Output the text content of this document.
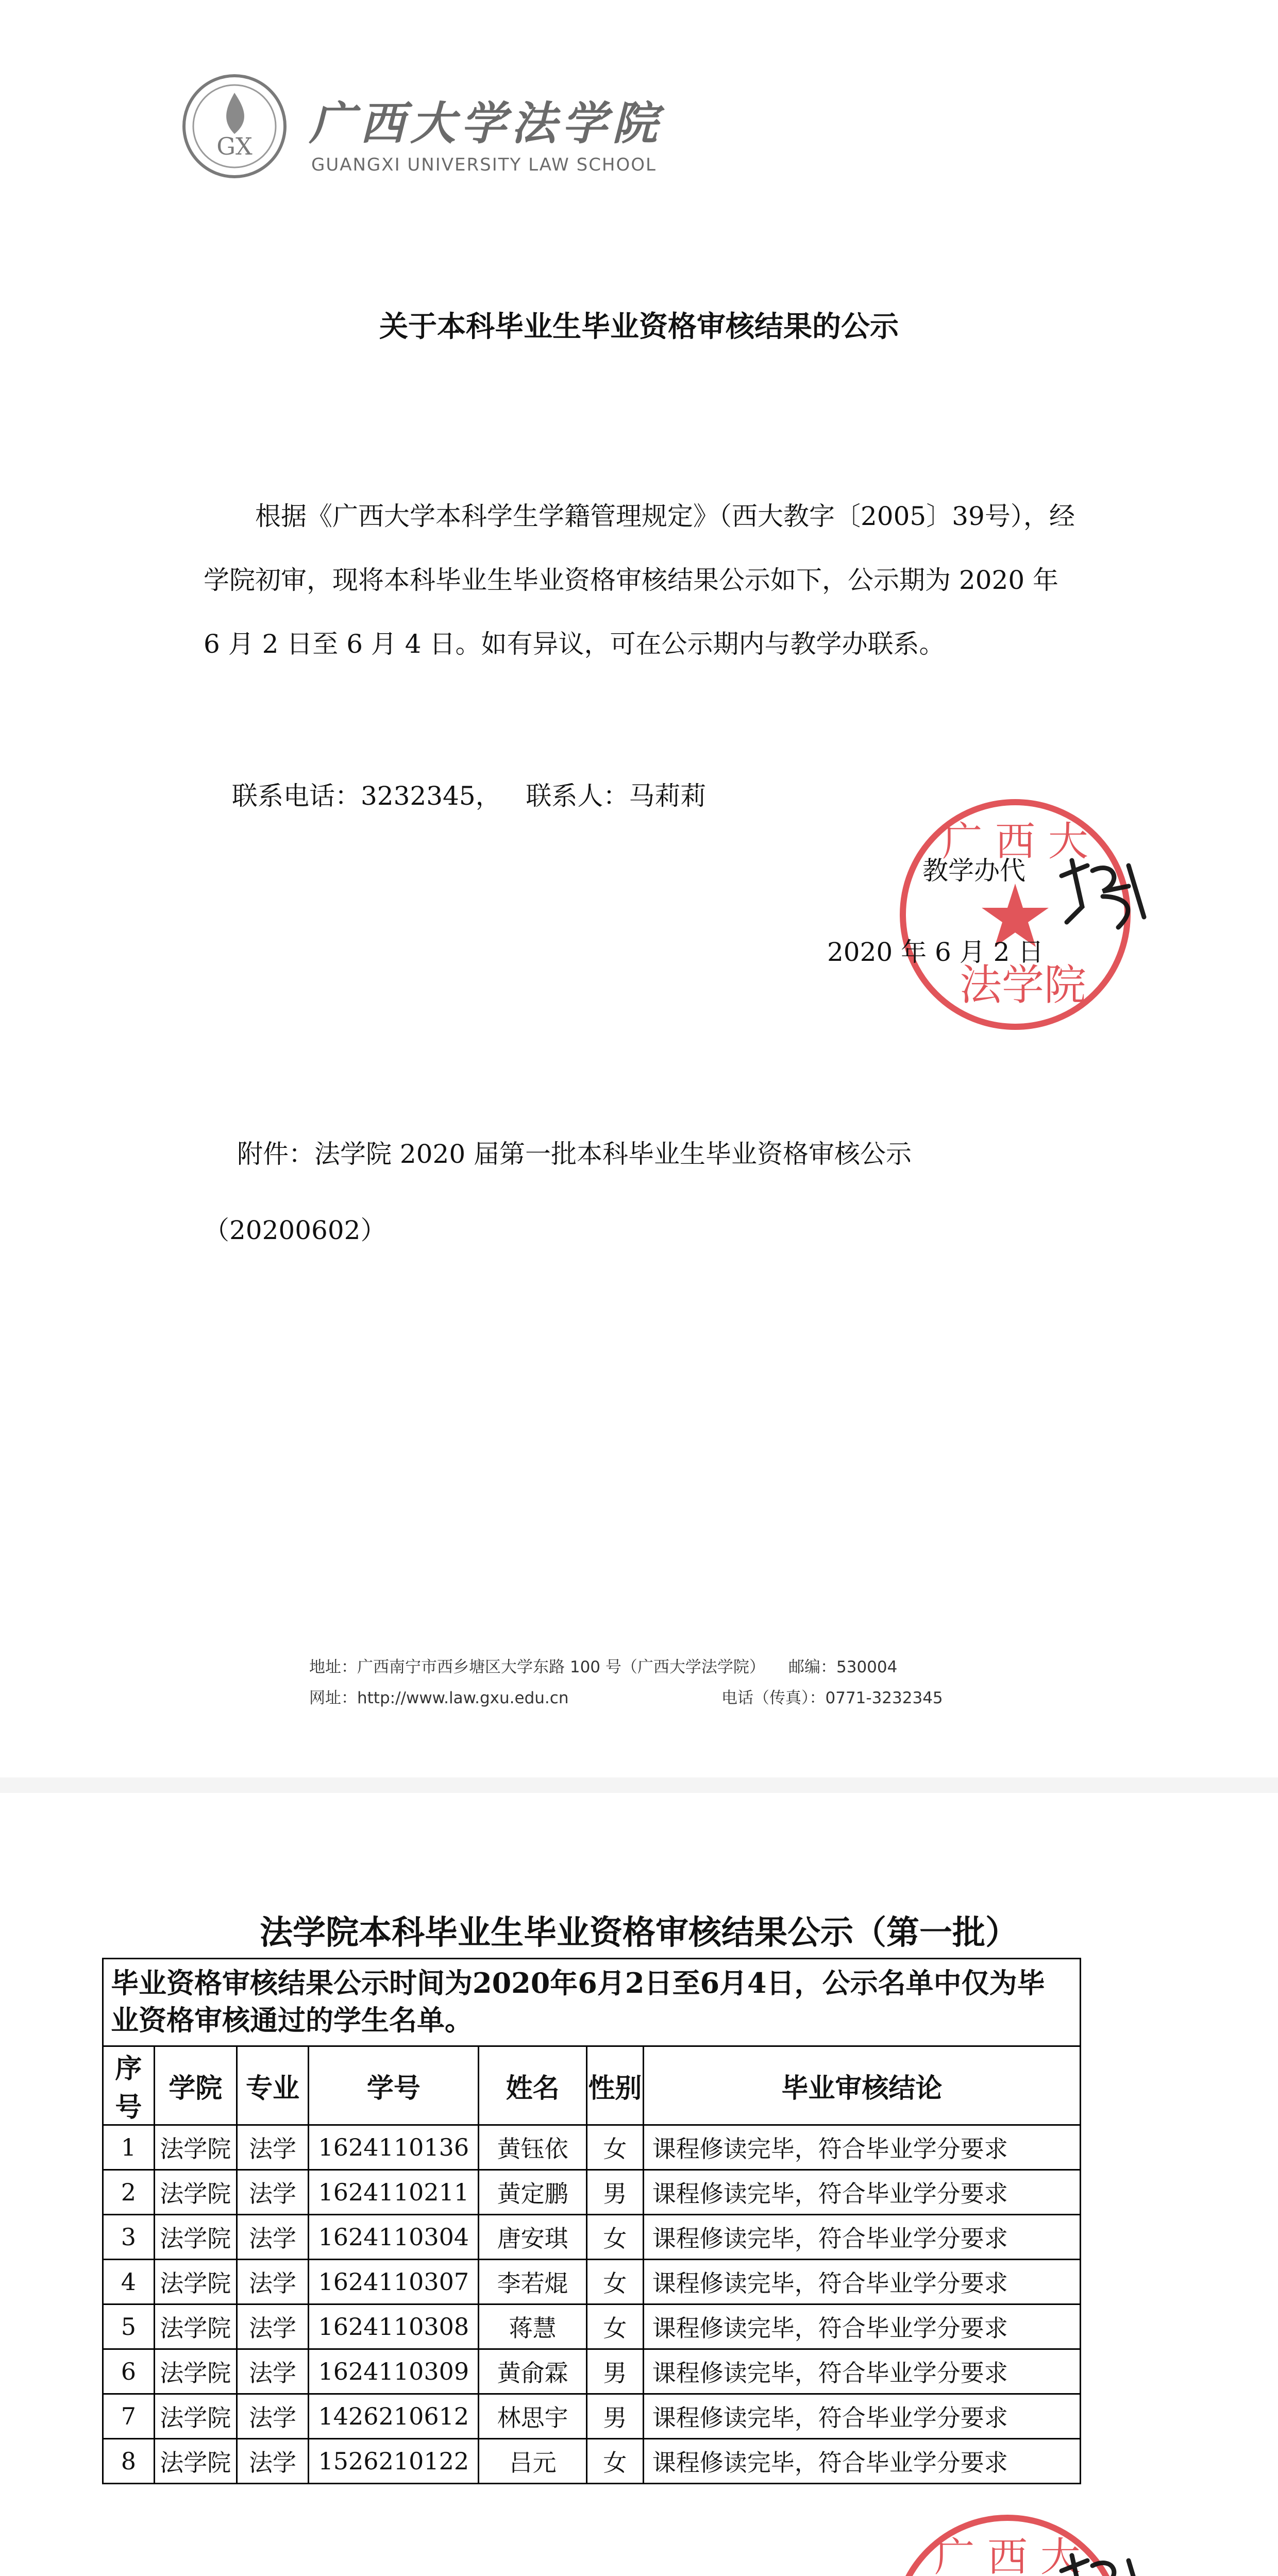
GX 广西大学法学院
GUANGXI UNIVERSITY LAW SCHOOL
关于本科毕业生毕业资格审核结果的公示
根据《广西大学本科学生学籍管理规定》（西大教字〔2005〕39号），经学院初审，现将本科毕业生毕业资格审核结果公示如下，公示期为 2020 年 6 月 2 日至 6 月 4 日。如有异议，可在公示期内与教学办联系。
联系电话：3232345，   联系人：马莉莉
广 西 大
法学院
教学办代
2020 年 6 月 2 日
附件：法学院 2020 届第一批本科毕业生毕业资格审核公示
（20200602）
地址：广西南宁市西乡塘区大学东路 100 号（广西大学法学院） 邮编：530004
网址：http://www.law.gxu.edu.cn	电话（传真）：0771-3232345
法学院本科毕业生毕业资格审核结果公示（第一批）
毕业资格审核结果公示时间为2020年6月2日至6月4日，公示名单中仅为毕业资格审核通过的学生名单。
序号	学院	专业	学号	姓名	性别	毕业审核结论
1	法学院	法学	1624110136	黄钰依	女	课程修读完毕，符合毕业学分要求
2	法学院	法学	1624110211	黄定鹏	男	课程修读完毕，符合毕业学分要求
3	法学院	法学	1624110304	唐安琪	女	课程修读完毕，符合毕业学分要求
4	法学院	法学	1624110307	李若焜	女	课程修读完毕，符合毕业学分要求
5	法学院	法学	1624110308	蒋慧	女	课程修读完毕，符合毕业学分要求
6	法学院	法学	1624110309	黄俞霖	男	课程修读完毕，符合毕业学分要求
7	法学院	法学	1426210612	林思宇	男	课程修读完毕，符合毕业学分要求
8	法学院	法学	1526210122	吕元	女	课程修读完毕，符合毕业学分要求
广 西 大
